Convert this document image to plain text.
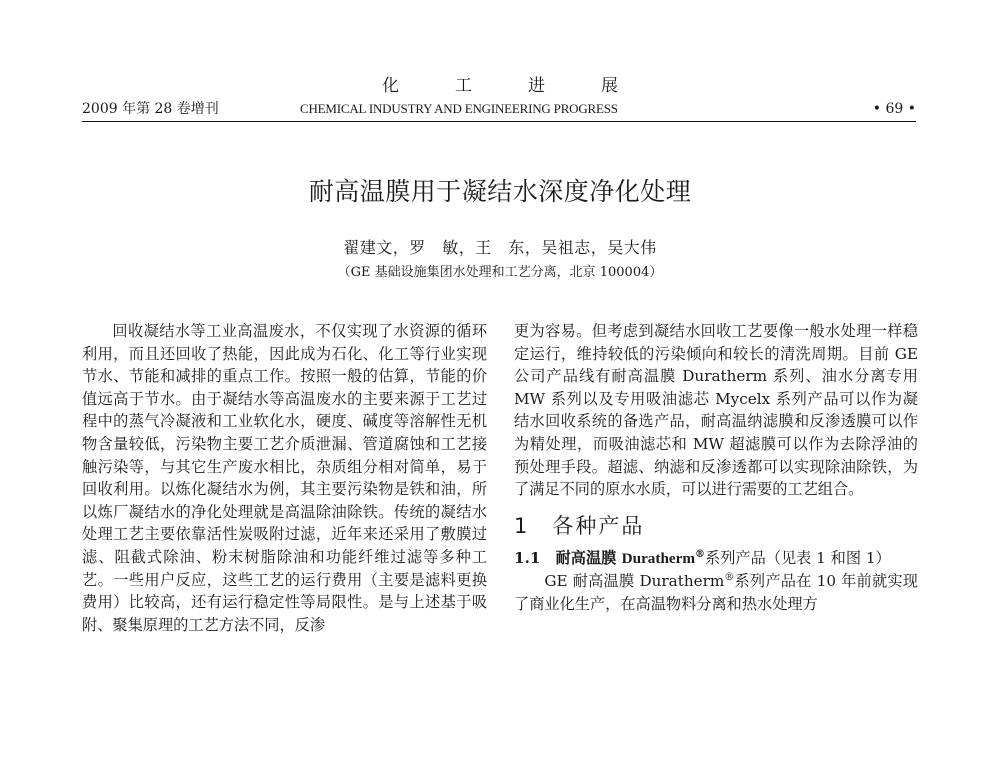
化	工	进	展
2009 年第 28 卷增刊	CHEMICAL INDUSTRY AND ENGINEERING PROGRESS	• 69 •
耐高温膜用于凝结水深度净化处理
翟建文，罗　敏，王　东，吴祖志，吴大伟
（GE 基础设施集团水处理和工艺分离，北京 100004）

回收凝结水等工业高温废水，不仅实现了水资源的循环利用，而且还回收了热能，因此成为石化、化工等行业实现节水、节能和减排的重点工作。按照一般的估算，节能的价值远高于节水。由于凝结水等高温废水的主要来源于工艺过程中的蒸气冷凝液和工业软化水，硬度、碱度等溶解性无机物含量较低，污染物主要工艺介质泄漏、管道腐蚀和工艺接触污染等，与其它生产废水相比，杂质组分相对简单，易于回收利用。以炼化凝结水为例，其主要污染物是铁和油，所以炼厂凝结水的净化处理就是高温除油除铁。传统的凝结水处理工艺主要依靠活性炭吸附过滤，近年来还采用了敷膜过滤、阻截式除油、粉末树脂除油和功能纤维过滤等多种工艺。一些用户反应，这些工艺的运行费用（主要是滤料更换费用）比较高，还有运行稳定性等局限性。是与上述基于吸附、聚集原理的工艺方法不同，反渗

更为容易。但考虑到凝结水回收工艺要像一般水处理一样稳定运行，维持较低的污染倾向和较长的清洗周期。目前 GE 公司产品线有耐高温膜 Duratherm 系列、油水分离专用 MW 系列以及专用吸油滤芯 Mycelx 系列产品可以作为凝结水回收系统的备选产品，耐高温纳滤膜和反渗透膜可以作为精处理，而吸油滤芯和 MW 超滤膜可以作为去除浮油的预处理手段。超滤、纳滤和反渗透都可以实现除油除铁，为了满足不同的原水水质，可以进行需要的工艺组合。

1　各种产品

1.1　耐高温膜 Duratherm®系列产品（见表 1 和图 1）

GE 耐高温膜 Duratherm®系列产品在 10 年前就实现了商业化生产，在高温物料分离和热水处理方
